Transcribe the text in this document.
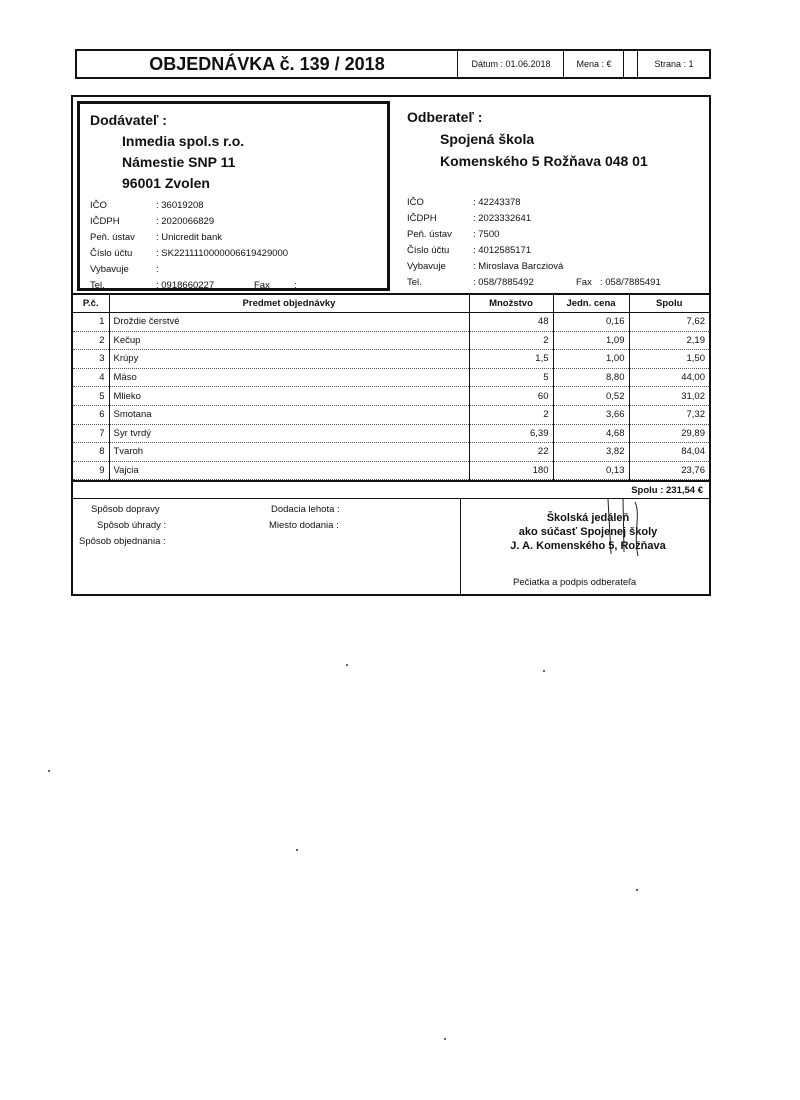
OBJEDNÁVKA č. 139 / 2018	Dátum : 01.06.2018	Mena : €	Strana : 1
Dodávateľ :
Inmedia spol.s r.o.
Námestie SNP 11
96001 Zvolen
IČO	: 36019208
IČDPH	: 2020066829
Peň. ústav	: Unicredit bank
Číslo účtu	: SK2211110000006619429000
Vybavuje	:
Tel.	: 0918660227	Fax	:
Odberateľ :
Spojená škola
Komenského 5 Rožňava 048 01
IČO	: 42243378
IČDPH	: 2023332641
Peň. ústav	: 7500
Číslo účtu	: 4012585171
Vybavuje	: Miroslava Barcziová
Tel.	: 058/7885492	Fax : 058/7885491
P.č.	Predmet objednávky	Množstvo	Jedn. cena	Spolu
1	Droždie čerstvé	48	0,16	7,62
2	Kečup	2	1,09	2,19
3	Krúpy	1,5	1,00	1,50
4	Mäso	5	8,80	44,00
5	Mlieko	60	0,52	31,02
6	Smotana	2	3,66	7,32
7	Syr tvrdý	6,39	4,68	29,89
8	Tvaroh	22	3,82	84,04
9	Vajcia	180	0,13	23,76
Spolu : 231,54 €
Spôsob dopravy
Spôsob úhrady :
Spôsob objednania :
Dodacia lehota :
Miesto dodania :
Školská jedáleň
ako súčasť Spojenej školy
J. A. Komenského 5, Rožňava
Pečiatka a podpis odberateľa
